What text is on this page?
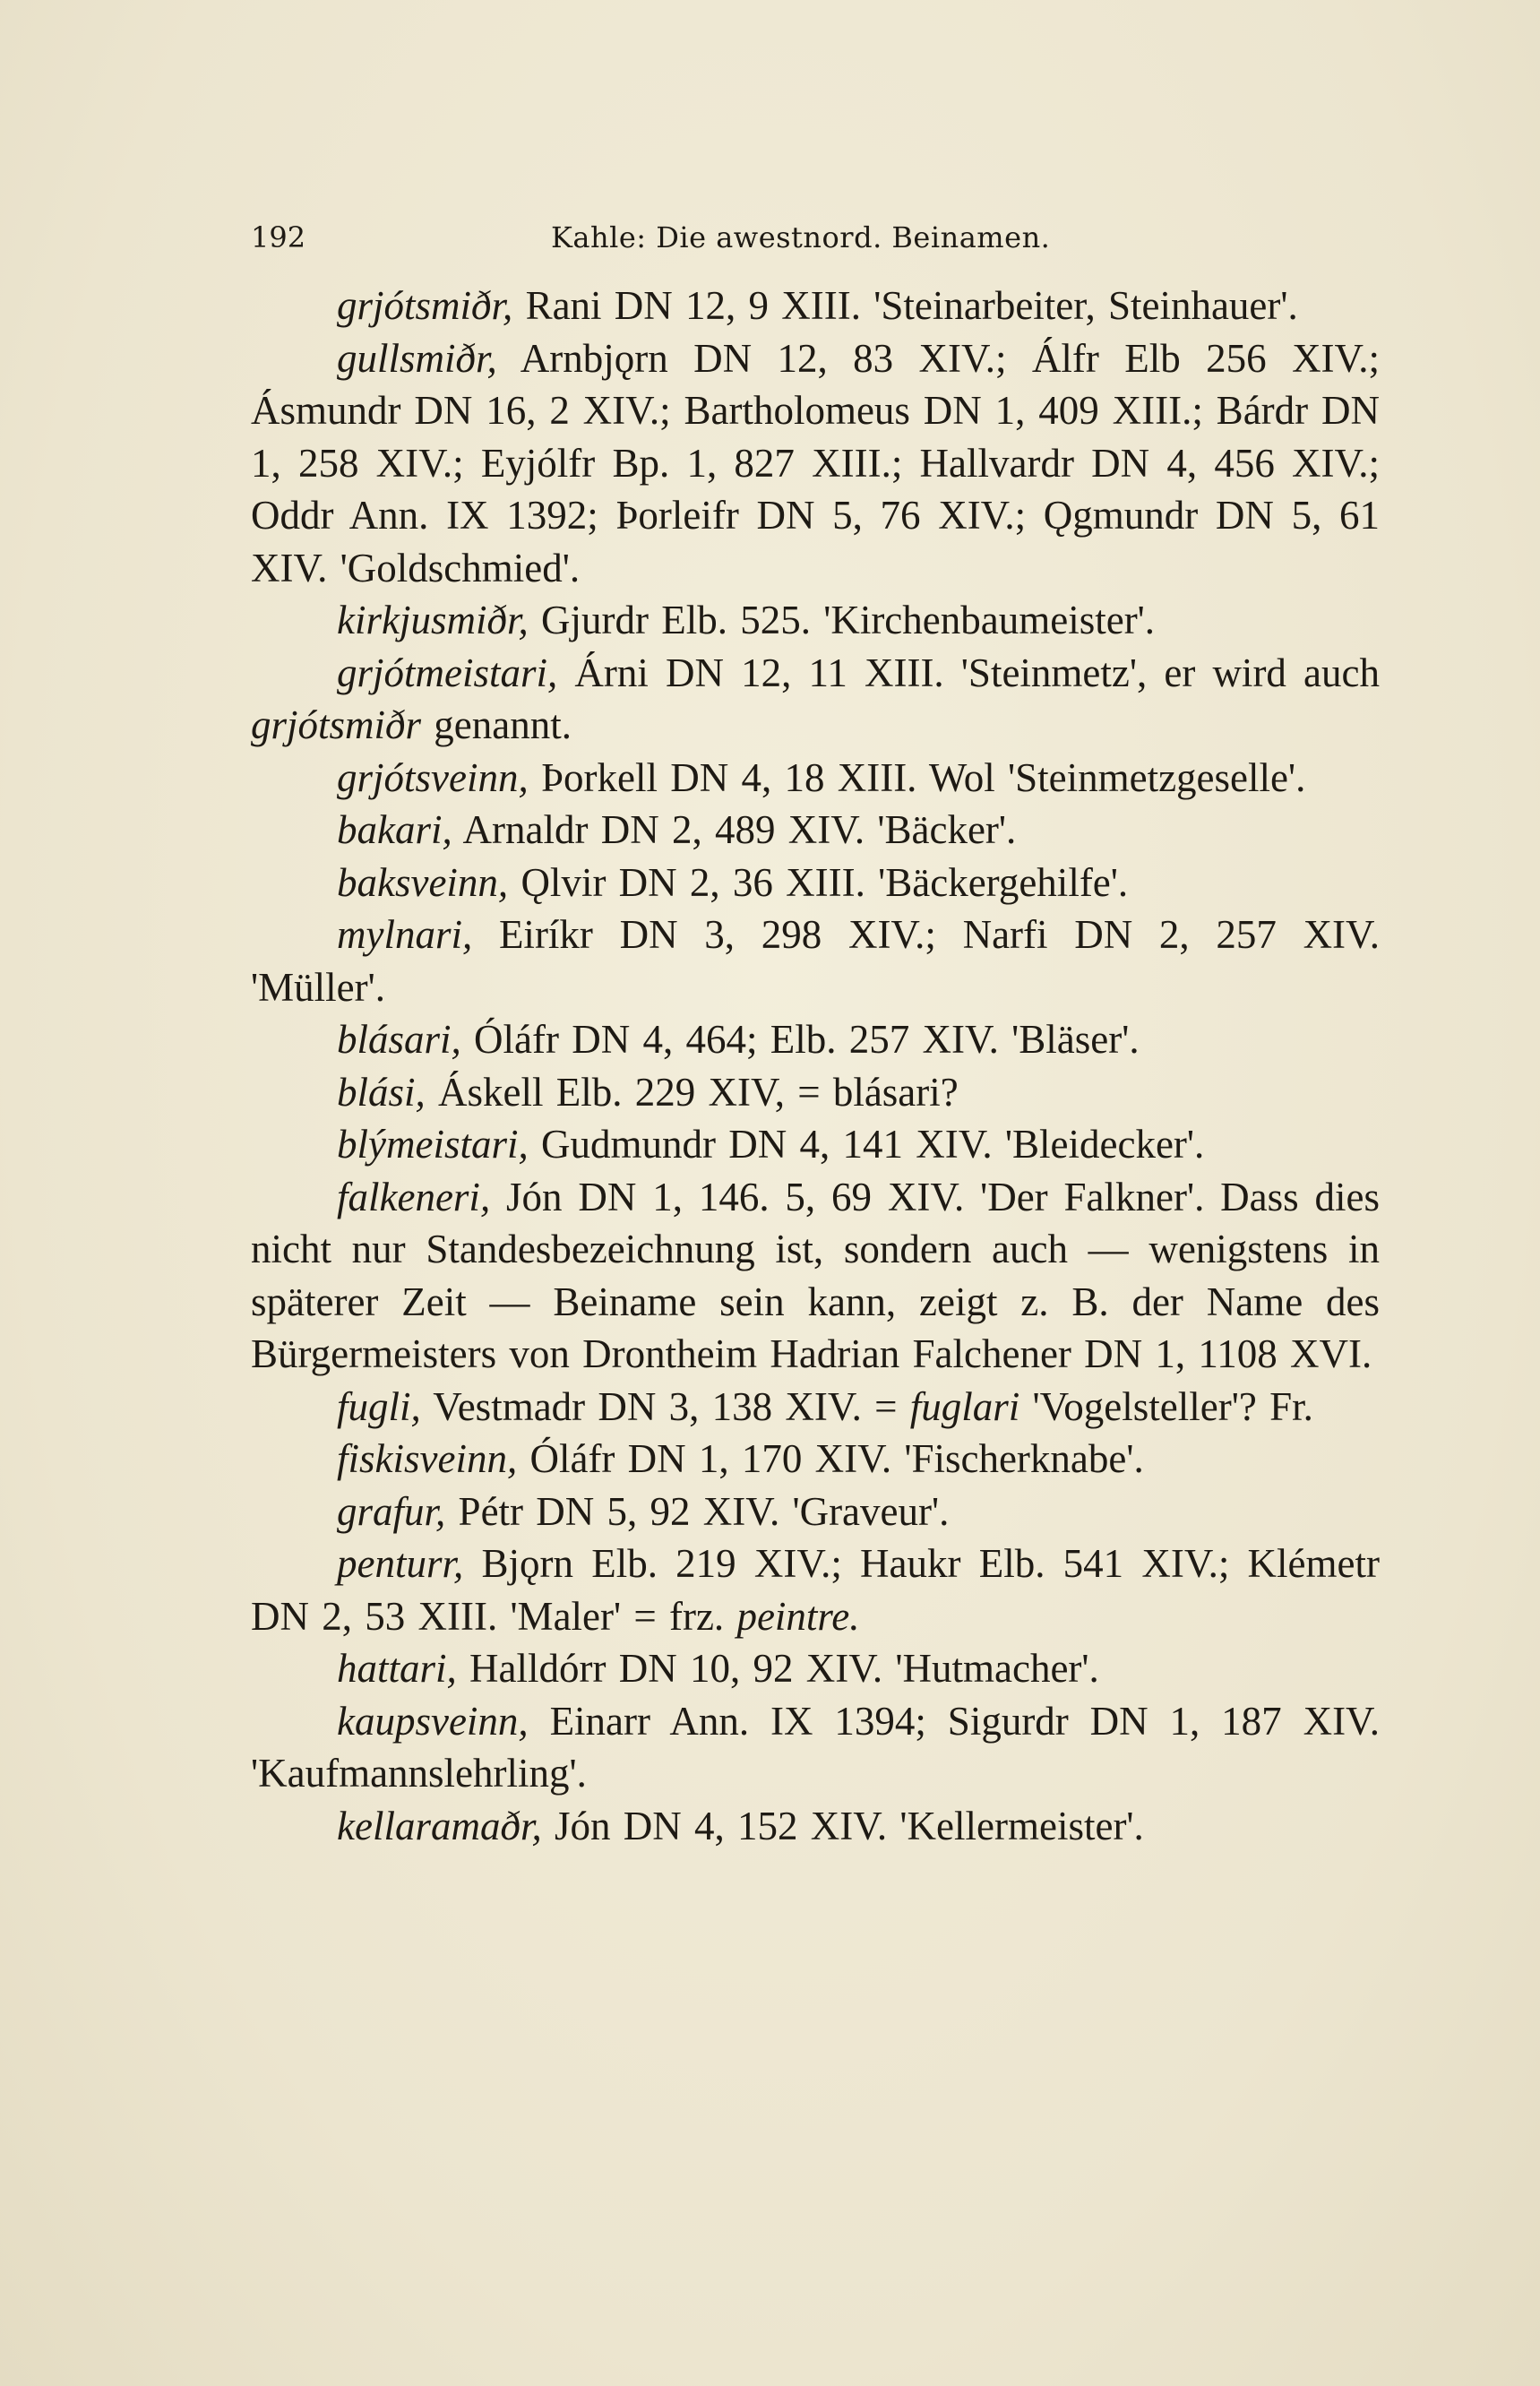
192	Kahle: Die awestnord. Beinamen.

grjótsmiðr, Rani DN 12, 9 XIII. 'Steinarbeiter, Steinhauer'.

gullsmiðr, Arnbjǫrn DN 12, 83 XIV.; Álfr Elb 256 XIV.; Ásmundr DN 16, 2 XIV.; Bartholomeus DN 1, 409 XIII.; Bárdr DN 1, 258 XIV.; Eyjólfr Bp. 1, 827 XIII.; Hallvardr DN 4, 456 XIV.; Oddr Ann. IX 1392; Þorleifr DN 5, 76 XIV.; Ǫgmundr DN 5, 61 XIV. 'Goldschmied'.

kirkjusmiðr, Gjurdr Elb. 525. 'Kirchenbaumeister'.

grjótmeistari, Árni DN 12, 11 XIII. 'Steinmetz', er wird auch grjótsmiðr genannt.

grjótsveinn, Þorkell DN 4, 18 XIII. Wol 'Steinmetzgeselle'.

bakari, Arnaldr DN 2, 489 XIV. 'Bäcker'.

baksveinn, Ǫlvir DN 2, 36 XIII. 'Bäckergehilfe'.

mylnari, Eiríkr DN 3, 298 XIV.; Narfi DN 2, 257 XIV. 'Müller'.

blásari, Óláfr DN 4, 464; Elb. 257 XIV. 'Bläser'.

blási, Áskell Elb. 229 XIV, = blásari?

blýmeistari, Gudmundr DN 4, 141 XIV. 'Bleidecker'.

falkeneri, Jón DN 1, 146. 5, 69 XIV. 'Der Falkner'. Dass dies nicht nur Standesbezeichnung ist, sondern auch — wenigstens in späterer Zeit — Beiname sein kann, zeigt z. B. der Name des Bürgermeisters von Drontheim Hadrian Falchener DN 1, 1108 XVI.

fugli, Vestmadr DN 3, 138 XIV. = fuglari 'Vogelsteller'? Fr.

fiskisveinn, Óláfr DN 1, 170 XIV. 'Fischerknabe'.

grafur, Pétr DN 5, 92 XIV. 'Graveur'.

penturr, Bjǫrn Elb. 219 XIV.; Haukr Elb. 541 XIV.; Klémetr DN 2, 53 XIII. 'Maler' = frz. peintre.

hattari, Halldórr DN 10, 92 XIV. 'Hutmacher'.

kaupsveinn, Einarr Ann. IX 1394; Sigurdr DN 1, 187 XIV. 'Kaufmannslehrling'.

kellaramaðr, Jón DN 4, 152 XIV. 'Kellermeister'.
